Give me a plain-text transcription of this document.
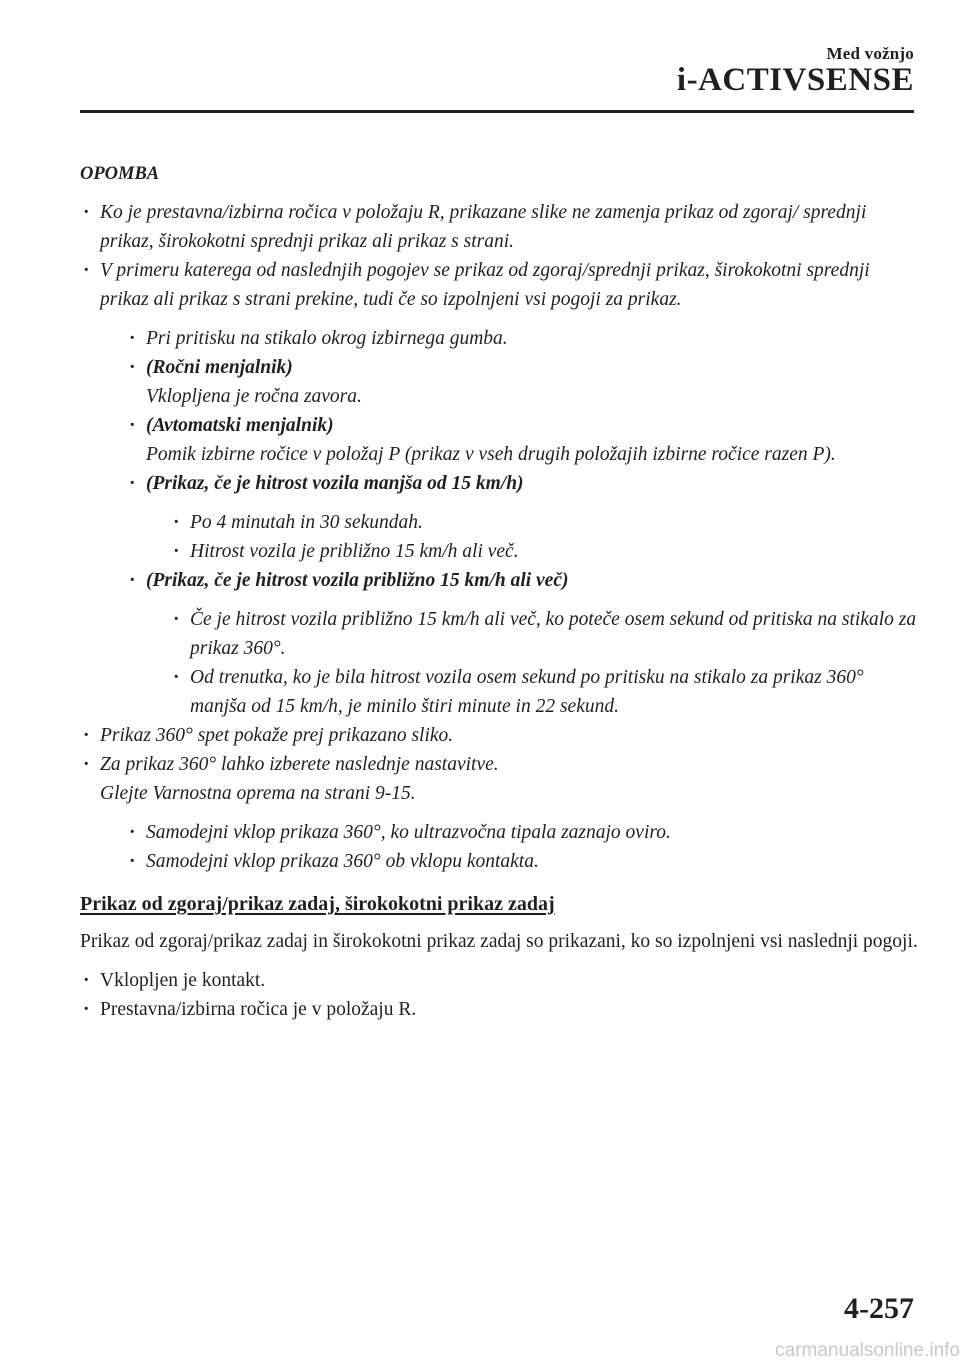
Med vožnjo
i-ACTIVSENSE
OPOMBA
· Ko je prestavna/izbirna ročica v položaju R, prikazane slike ne zamenja prikaz od zgoraj/ sprednji prikaz, širokokotni sprednji prikaz ali prikaz s strani.
· V primeru katerega od naslednjih pogojev se prikaz od zgoraj/sprednji prikaz, širokokotni sprednji prikaz ali prikaz s strani prekine, tudi če so izpolnjeni vsi pogoji za prikaz.
· Pri pritisku na stikalo okrog izbirnega gumba.
· (Ročni menjalnik)
Vklopljena je ročna zavora.
· (Avtomatski menjalnik)
Pomik izbirne ročice v položaj P (prikaz v vseh drugih položajih izbirne ročice razen P).
· (Prikaz, če je hitrost vozila manjša od 15 km/h)
· Po 4 minutah in 30 sekundah.
· Hitrost vozila je približno 15 km/h ali več.
· (Prikaz, če je hitrost vozila približno 15 km/h ali več)
· Če je hitrost vozila približno 15 km/h ali več, ko poteče osem sekund od pritiska na stikalo za prikaz 360°.
· Od trenutka, ko je bila hitrost vozila osem sekund po pritisku na stikalo za prikaz 360° manjša od 15 km/h, je minilo štiri minute in 22 sekund.
· Prikaz 360° spet pokaže prej prikazano sliko.
· Za prikaz 360° lahko izberete naslednje nastavitve.
Glejte Varnostna oprema na strani 9-15.
· Samodejni vklop prikaza 360°, ko ultrazvočna tipala zaznajo oviro.
· Samodejni vklop prikaza 360° ob vklopu kontakta.
Prikaz od zgoraj/prikaz zadaj, širokokotni prikaz zadaj

Prikaz od zgoraj/prikaz zadaj in širokokotni prikaz zadaj so prikazani, ko so izpolnjeni vsi naslednji pogoji.

· Vklopljen je kontakt.
· Prestavna/izbirna ročica je v položaju R.
4-257
carmanualsonline.info
